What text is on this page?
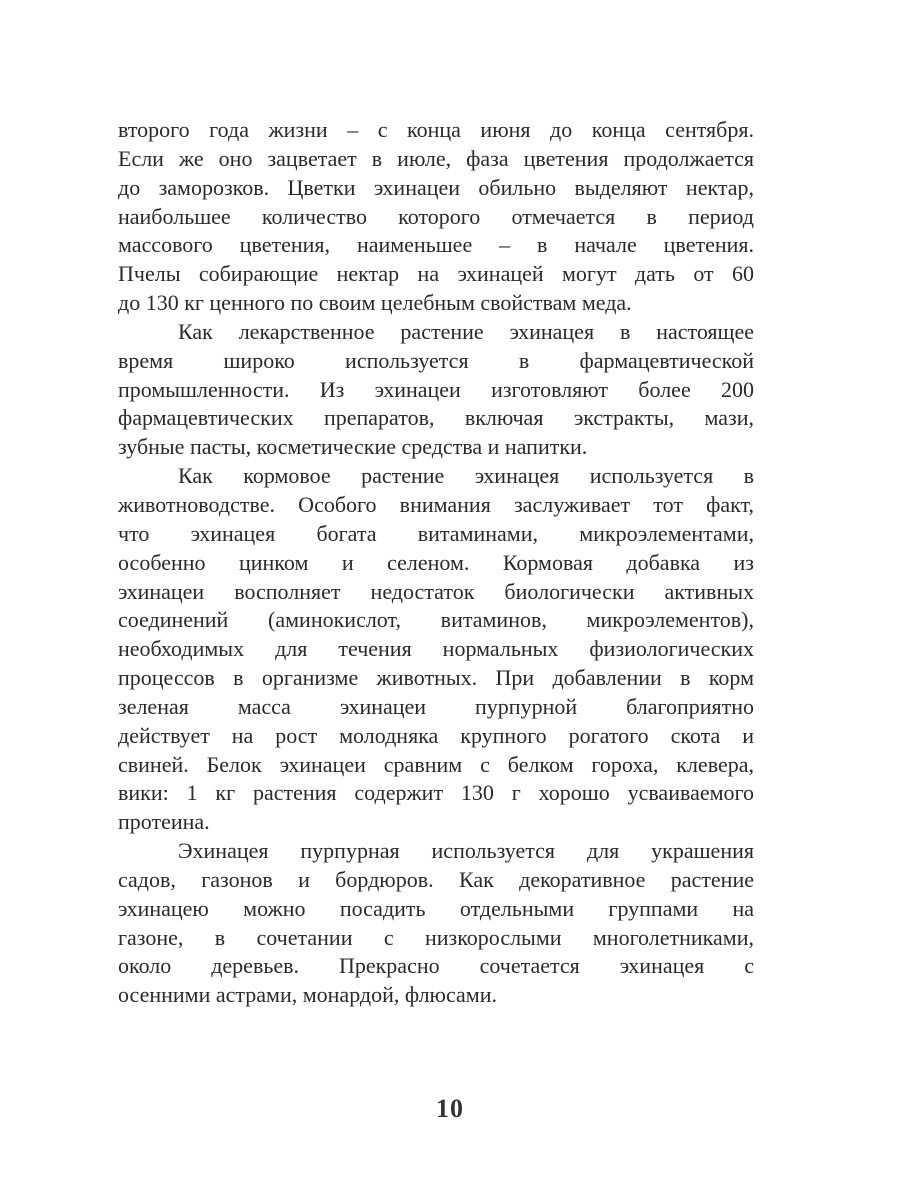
второго года жизни – с конца июня до конца сентября.
Если же оно зацветает в июле, фаза цветения продолжается
до заморозков. Цветки эхинацеи обильно выделяют нектар,
наибольшее количество которого отмечается в период
массового цветения, наименьшее – в начале цветения.
Пчелы собирающие нектар на эхинацей могут дать от 60
до 130 кг ценного по своим целебным свойствам меда.
Как лекарственное растение эхинацея в настоящее
время широко используется в фармацевтической
промышленности. Из эхинацеи изготовляют более 200
фармацевтических препаратов, включая экстракты, мази,
зубные пасты, косметические средства и напитки.
Как кормовое растение эхинацея используется в
животноводстве. Особого внимания заслуживает тот факт,
что эхинацея богата витаминами, микроэлементами,
особенно цинком и селеном. Кормовая добавка из
эхинацеи восполняет недостаток биологически активных
соединений (аминокислот, витаминов, микроэлементов),
необходимых для течения нормальных физиологических
процессов в организме животных. При добавлении в корм
зеленая масса эхинацеи пурпурной благоприятно
действует на рост молодняка крупного рогатого скота и
свиней. Белок эхинацеи сравним с белком гороха, клевера,
вики: 1 кг растения содержит 130 г хорошо усваиваемого
протеина.
Эхинацея пурпурная используется для украшения
садов, газонов и бордюров. Как декоративное растение
эхинацею можно посадить отдельными группами на
газоне, в сочетании с низкорослыми многолетниками,
около деревьев. Прекрасно сочетается эхинацея с
осенними астрами, монардой, флюсами.
10
